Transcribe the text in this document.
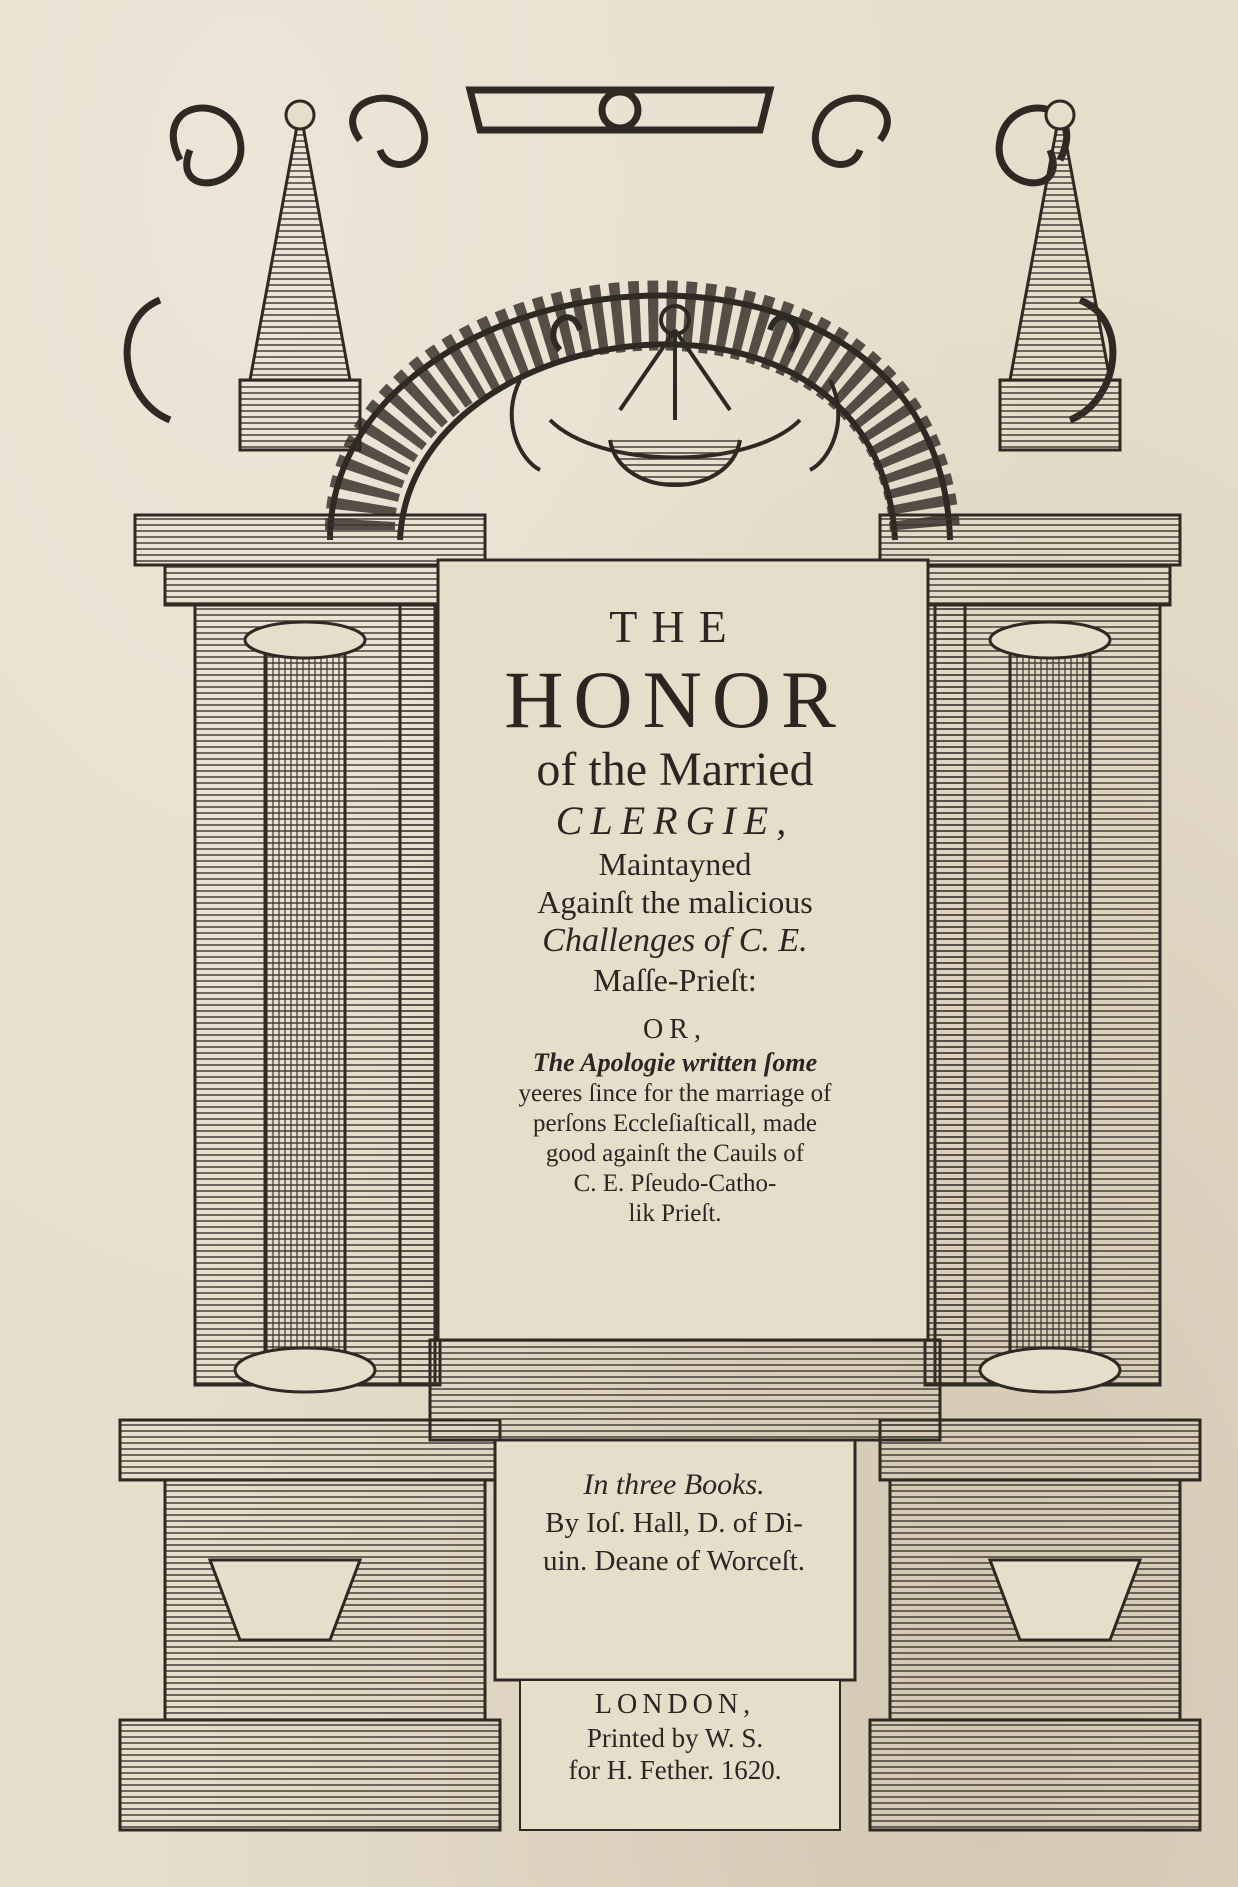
THE
HONOR
of the Married
CLERGIE,
Maintayned
Againſt the malicious
Challenges of C. E.
Maſſe-Prieſt:
OR,
The Apologie written ſome
yeeres ſince for the marriage of
perſons Eccleſiaſticall, made
good againſt the Cauils of
C. E. Pſeudo-Catho-
lik Prieſt.
In three Books.
By Ioſ. Hall, D. of Di-
uin. Deane of Worceſt.
LONDON,
Printed by W. S.
for H. Fether. 1620.
